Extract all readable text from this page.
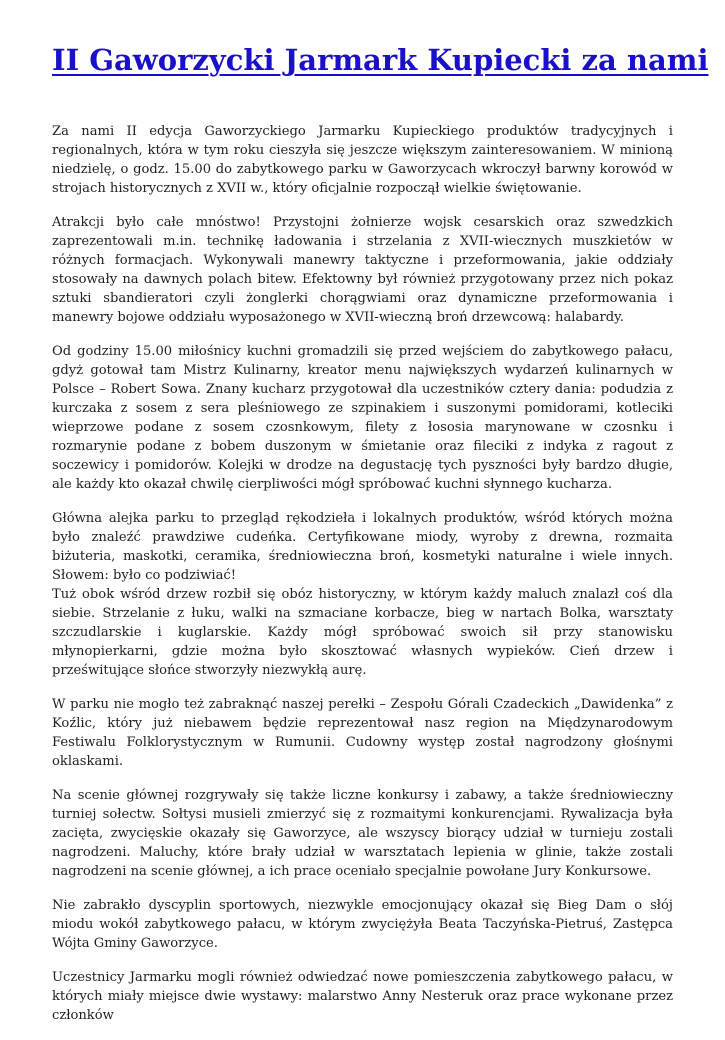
II Gaworzycki Jarmark Kupiecki za nami

Za nami II edycja Gaworzyckiego Jarmarku Kupieckiego produktów tradycyjnych i regionalnych, która w tym roku cieszyła się jeszcze większym zainteresowaniem. W minioną niedzielę, o godz. 15.00 do zabytkowego parku w Gaworzycach wkroczył barwny korowód w strojach historycznych z XVII w., który oficjalnie rozpoczął wielkie świętowanie.

Atrakcji było całe mnóstwo! Przystojni żołnierze wojsk cesarskich oraz szwedzkich zaprezentowali m.in. technikę ładowania i strzelania z XVII-wiecznych muszkietów w różnych formacjach. Wykonywali manewry taktyczne i przeformowania, jakie oddziały stosowały na dawnych polach bitew. Efektowny był również przygotowany przez nich pokaz sztuki sbandieratori czyli żonglerki chorągwiami oraz dynamiczne przeformowania i manewry bojowe oddziału wyposażonego w XVII-wieczną broń drzewcową: halabardy.

Od godziny 15.00 miłośnicy kuchni gromadzili się przed wejściem do zabytkowego pałacu, gdyż gotował tam Mistrz Kulinarny, kreator menu największych wydarzeń kulinarnych w Polsce – Robert Sowa. Znany kucharz przygotował dla uczestników cztery dania: podudzia z kurczaka z sosem z sera pleśniowego ze szpinakiem i suszonymi pomidorami, kotleciki wieprzowe podane z sosem czosnkowym, filety z łososia marynowane w czosnku i rozmarynie podane z bobem duszonym w śmietanie oraz fileciki z indyka z ragout z soczewicy i pomidorów. Kolejki w drodze na degustację tych pyszności były bardzo długie, ale każdy kto okazał chwilę cierpliwości mógł spróbować kuchni słynnego kucharza.

Główna alejka parku to przegląd rękodzieła i lokalnych produktów, wśród których można było znaleźć prawdziwe cudeńka. Certyfikowane miody, wyroby z drewna, rozmaita biżuteria, maskotki, ceramika, średniowieczna broń, kosmetyki naturalne i wiele innych. Słowem: było co podziwiać!
Tuż obok wśród drzew rozbił się obóz historyczny, w którym każdy maluch znalazł coś dla siebie. Strzelanie z łuku, walki na szmaciane korbacze, bieg w nartach Bolka, warsztaty szczudlarskie i kuglarskie. Każdy mógł spróbować swoich sił przy stanowisku młynopierkarni, gdzie można było skosztować własnych wypieków. Cień drzew i prześwitujące słońce stworzyły niezwykłą aurę.

W parku nie mogło też zabraknąć naszej perełki – Zespołu Górali Czadeckich „Dawidenka” z Koźlic, który już niebawem będzie reprezentował nasz region na Międzynarodowym Festiwalu Folklorystycznym w Rumunii. Cudowny występ został nagrodzony głośnymi oklaskami.

Na scenie głównej rozgrywały się także liczne konkursy i zabawy, a także średniowieczny turniej sołectw. Sołtysi musieli zmierzyć się z rozmaitymi konkurencjami. Rywalizacja była zacięta, zwycięskie okazały się Gaworzyce, ale wszyscy biorący udział w turnieju zostali nagrodzeni. Maluchy, które brały udział w warsztatach lepienia w glinie, także zostali nagrodzeni na scenie głównej, a ich prace oceniało specjalnie powołane Jury Konkursowe.

Nie zabrakło dyscyplin sportowych, niezwykle emocjonujący okazał się Bieg Dam o słój miodu wokół zabytkowego pałacu, w którym zwyciężyła Beata Taczyńska-Pietruś, Zastępca Wójta Gminy Gaworzyce.

Uczestnicy Jarmarku mogli również odwiedzać nowe pomieszczenia zabytkowego pałacu, w których miały miejsce dwie wystawy: malarstwo Anny Nesteruk oraz prace wykonane przez członków
